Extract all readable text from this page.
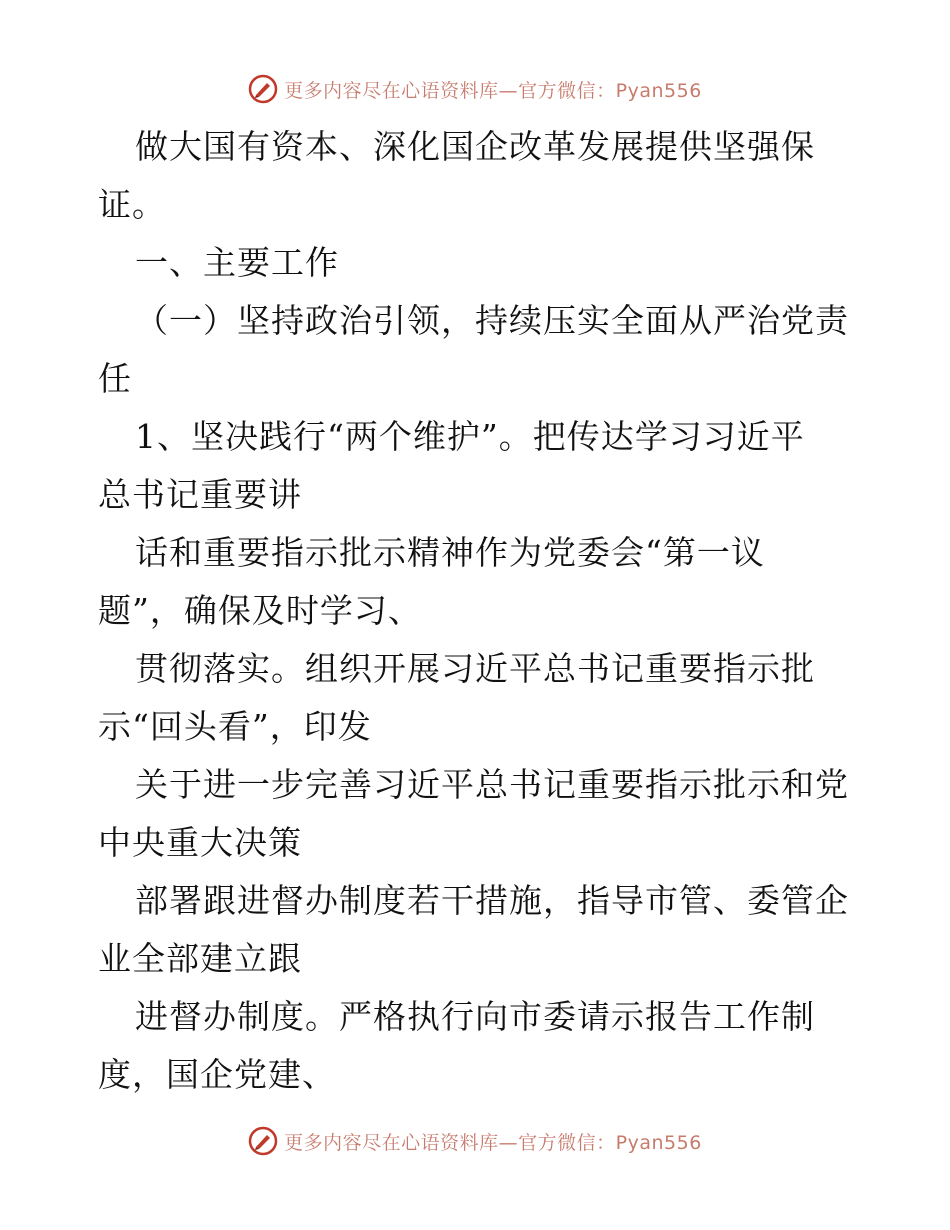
更多内容尽在心语资料库—官方微信：Pyan556

做大国有资本、深化国企改革发展提供坚强保

证。

一、主要工作

（一）坚持政治引领，持续压实全面从严治党责

任

1、坚决践行“两个维护”。把传达学习习近平

总书记重要讲

话和重要指示批示精神作为党委会“第一议

题”，确保及时学习、

贯彻落实。组织开展习近平总书记重要指示批

示“回头看”，印发

关于进一步完善习近平总书记重要指示批示和党

中央重大决策

部署跟进督办制度若干措施，指导市管、委管企

业全部建立跟

进督办制度。严格执行向市委请示报告工作制

度，国企党建、

更多内容尽在心语资料库—官方微信：Pyan556
